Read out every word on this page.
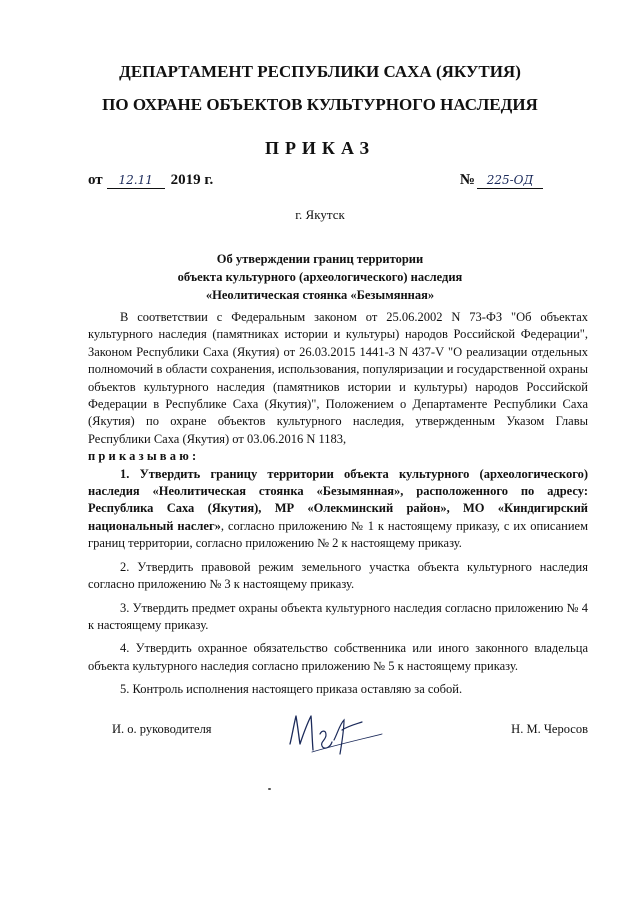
ДЕПАРТАМЕНТ РЕСПУБЛИКИ САХА (ЯКУТИЯ)
ПО ОХРАНЕ ОБЪЕКТОВ КУЛЬТУРНОГО НАСЛЕДИЯ
ПРИКАЗ
от 12.11 2019 г.	№ 225-ОД
г. Якутск
Об утверждении границ территории
объекта культурного (археологического) наследия
«Неолитическая стоянка «Безымянная»

В соответствии с Федеральным законом от 25.06.2002 N 73-ФЗ "Об объектах культурного наследия (памятниках истории и культуры) народов Российской Федерации", Законом Республики Саха (Якутия) от 26.03.2015 1441-З N 437-V "О реализации отдельных полномочий в области сохранения, использования, популяризации и государственной охраны объектов культурного наследия (памятников истории и культуры) народов Российской Федерации в Республике Саха (Якутия)", Положением о Департаменте Республики Саха (Якутия) по охране объектов культурного наследия, утвержденным Указом Главы Республики Саха (Якутия) от 03.06.2016 N 1183,

приказываю:

1. Утвердить границу территории объекта культурного (археологического) наследия «Неолитическая стоянка «Безымянная», расположенного по адресу: Республика Саха (Якутия), МР «Олекминский район», МО «Киндигирский национальный наслег», согласно приложению № 1 к настоящему приказу, с их описанием границ территории, согласно приложению № 2 к настоящему приказу.

2. Утвердить правовой режим земельного участка объекта культурного наследия согласно приложению № 3 к настоящему приказу.

3. Утвердить предмет охраны объекта культурного наследия согласно приложению № 4 к настоящему приказу.

4. Утвердить охранное обязательство собственника или иного законного владельца объекта культурного наследия согласно приложению № 5 к настоящему приказу.

5. Контроль исполнения настоящего приказа оставляю за собой.

И. о. руководителя	Н. М. Черосов
